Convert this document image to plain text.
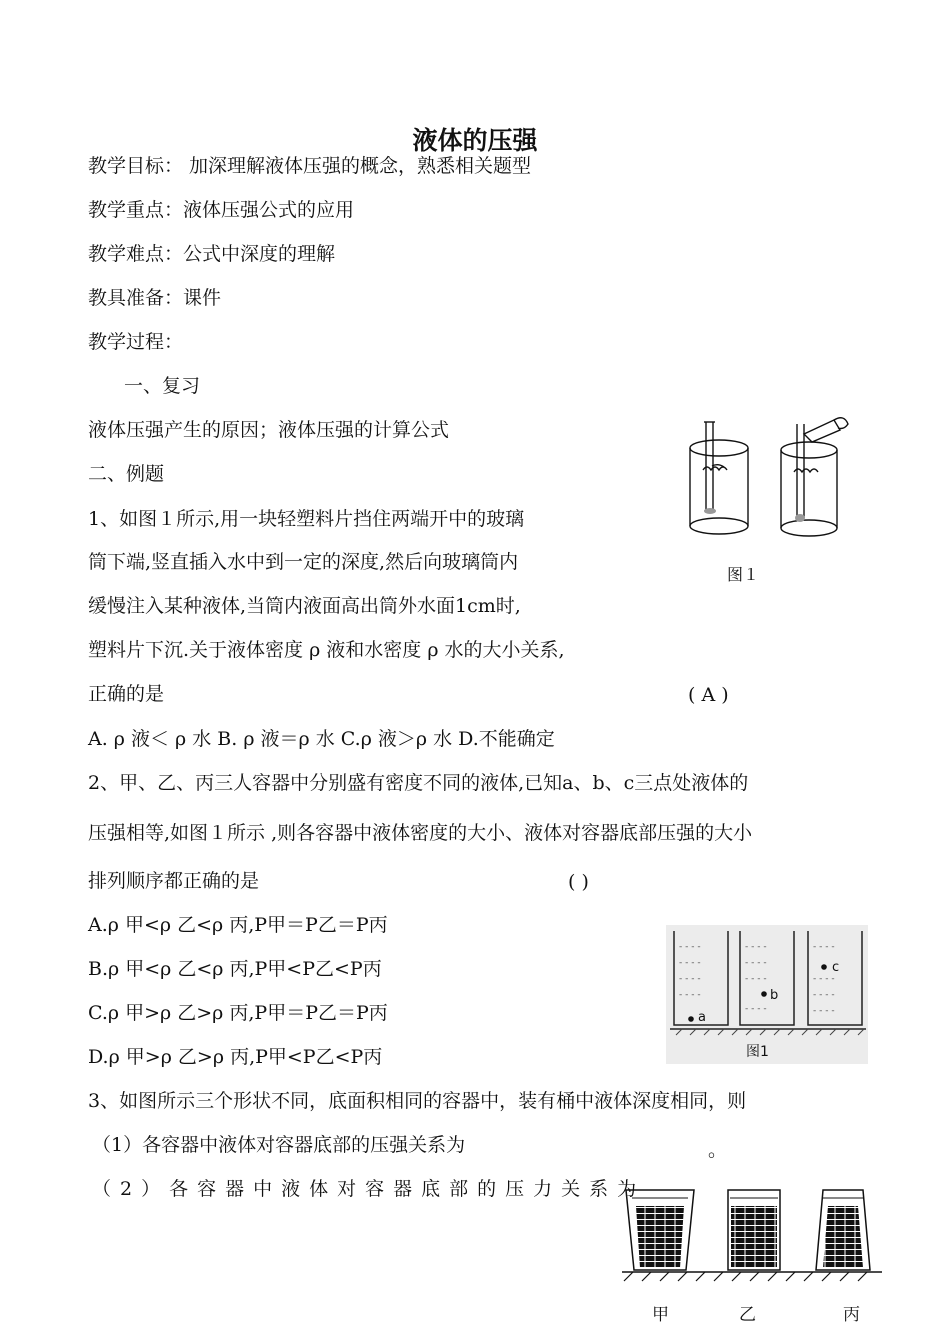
液体的压强
教学目标： 加深理解液体压强的概念，熟悉相关题型
教学重点：液体压强公式的应用
教学难点：公式中深度的理解
教具准备：课件
教学过程：
一、复习
液体压强产生的原因；液体压强的计算公式
二、例题
1、如图１所示,用一块轻塑料片挡住两端开中的玻璃
筒下端,竖直插入水中到一定的深度,然后向玻璃筒内
缓慢注入某种液体,当筒内液面高出筒外水面1cm时,
塑料片下沉.关于液体密度 ρ 液和水密度 ρ 水的大小关系,
正确的是	( A )
A. ρ 液＜ ρ 水 B. ρ 液＝ρ 水 C.ρ 液＞ρ 水 D.不能确定
图１
2、甲、乙、丙三人容器中分别盛有密度不同的液体,已知a、b、c三点处液体的
压强相等,如图１所示 ,则各容器中液体密度的大小、液体对容器底部压强的大小
排列顺序都正确的是	( )
A.ρ 甲<ρ 乙<ρ 丙,P甲＝P乙＝P丙
B.ρ 甲<ρ 乙<ρ 丙,P甲<P乙<P丙
C.ρ 甲>ρ 乙>ρ 丙,P甲＝P乙＝P丙
D.ρ 甲>ρ 乙>ρ 丙,P甲<P乙<P丙
- - - -
- - - -
- - - -
- - - -
- - - -
- - - -
- - - -
- - - -
- - - -
- - - -
- - - -
- - - -
a
b
c
图1
3、如图所示三个形状不同，底面积相同的容器中，装有桶中液体深度相同，则
（1）各容器中液体对容器底部的压强关系为	。
（2）各容器中液体对容器底部的压力关系为
甲	乙	丙
